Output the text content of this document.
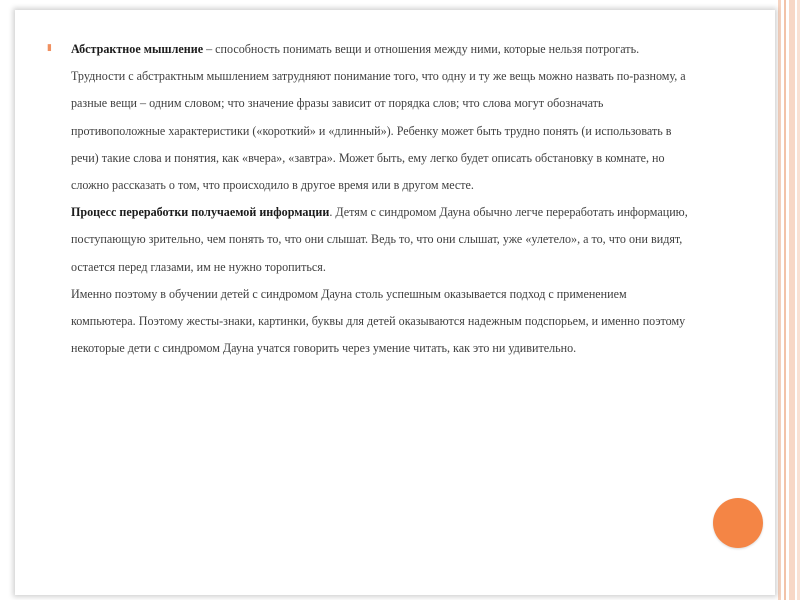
▮ Абстрактное мышление – способность понимать вещи и отношения между ними, которые нельзя потрогать. Трудности с абстрактным мышлением затрудняют понимание того, что одну и ту же вещь можно назвать по-разному, а разные вещи – одним словом; что значение фразы зависит от порядка слов; что слова могут обозначать противоположные характеристики («короткий» и «длинный»). Ребенку может быть трудно понять (и использовать в речи) такие слова и понятия, как «вчера», «завтра». Может быть, ему легко будет описать обстановку в комнате, но сложно рассказать о том, что происходило в другое время или в другом месте.

Процесс переработки получаемой информации. Детям с синдромом Дауна обычно легче переработать информацию, поступающую зрительно, чем понять то, что они слышат. Ведь то, что они слышат, уже «улетело», а то, что они видят, остается перед глазами, им не нужно торопиться.

Именно поэтому в обучении детей с синдромом Дауна столь успешным оказывается подход с применением компьютера. Поэтому жесты-знаки, картинки, буквы для детей оказываются надежным подспорьем, и именно поэтому некоторые дети с синдромом Дауна учатся говорить через умение читать, как это ни удивительно.
